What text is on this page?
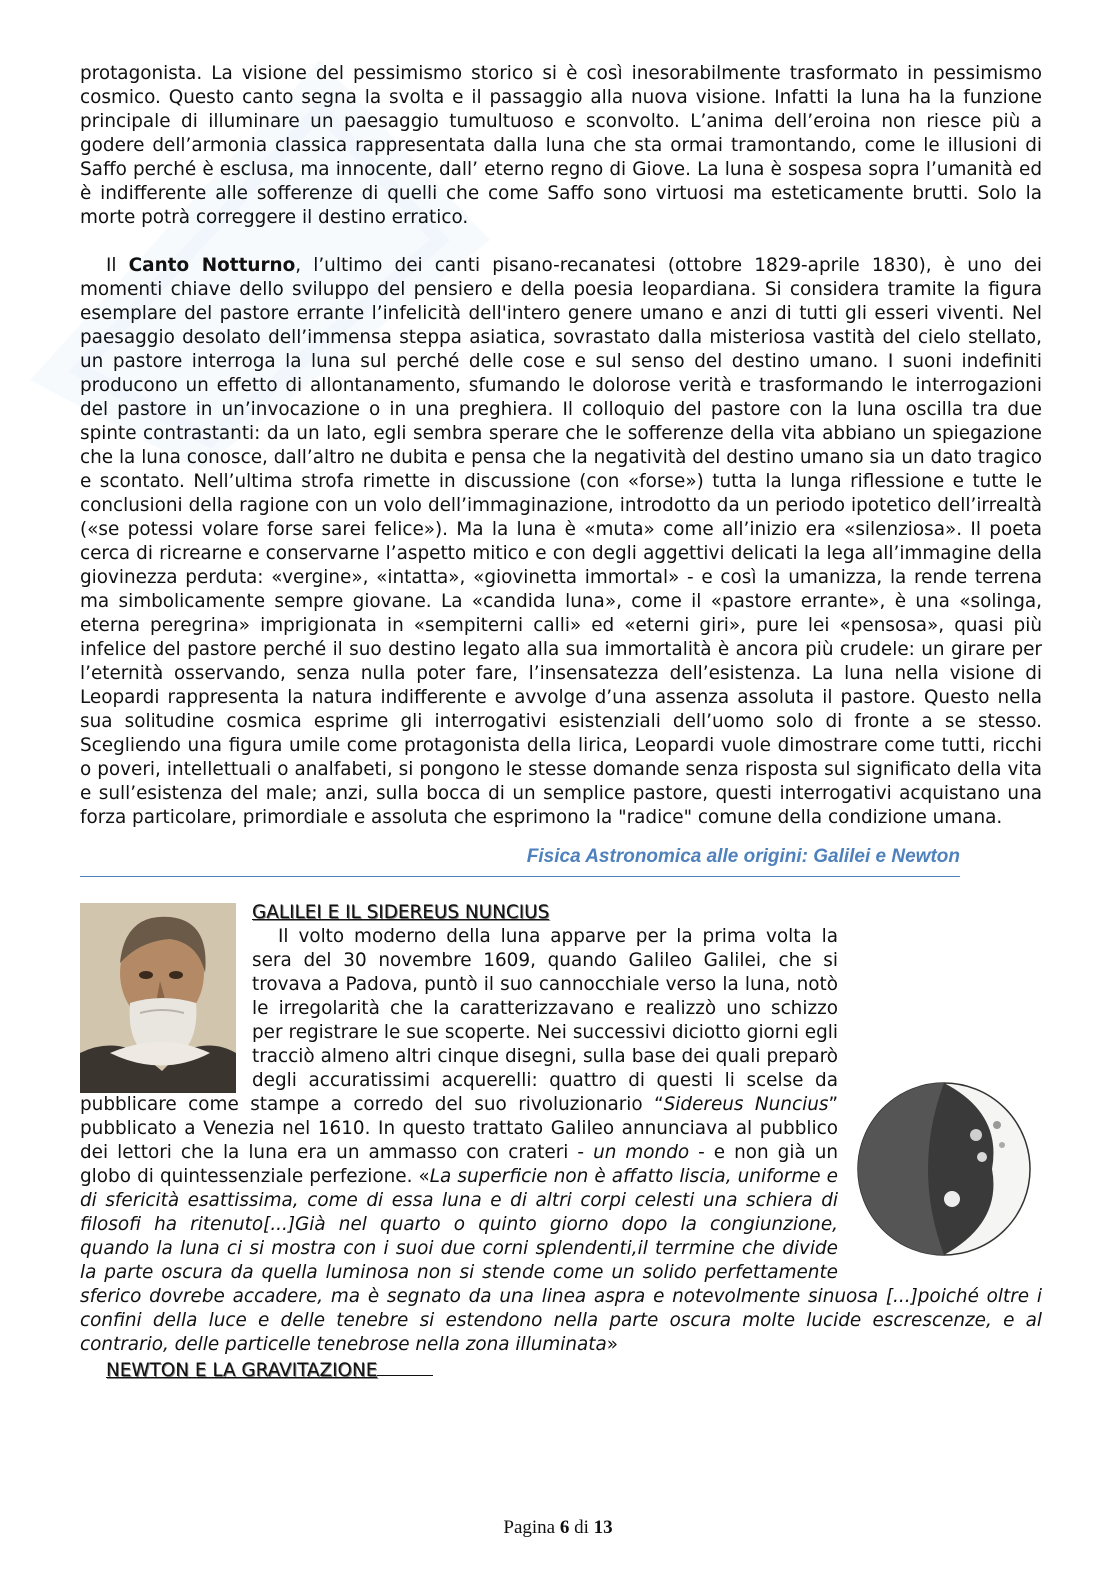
protagonista. La visione del pessimismo storico si è così inesorabilmente trasformato in pessimismo cosmico. Questo canto segna la svolta e il passaggio alla nuova visione. Infatti la luna ha la funzione principale di illuminare un paesaggio tumultuoso e sconvolto. L’anima dell’eroina non riesce più a godere dell’armonia classica rappresentata dalla luna che sta ormai tramontando, come le illusioni di Saffo perché è esclusa, ma innocente, dall’ eterno regno di Giove. La luna è sospesa sopra l’umanità ed è indifferente alle sofferenze di quelli che come Saffo sono virtuosi ma esteticamente brutti. Solo la morte potrà correggere il destino erratico.

Il Canto Notturno, l’ultimo dei canti pisano-recanatesi (ottobre 1829-aprile 1830), è uno dei momenti chiave dello sviluppo del pensiero e della poesia leopardiana. Si considera tramite la figura esemplare del pastore errante l’infelicità dell'intero genere umano e anzi di tutti gli esseri viventi. Nel paesaggio desolato dell’immensa steppa asiatica, sovrastato dalla misteriosa vastità del cielo stellato, un pastore interroga la luna sul perché delle cose e sul senso del destino umano. I suoni indefiniti producono un effetto di allontanamento, sfumando le dolorose verità e trasformando le interrogazioni del pastore in un’invocazione o in una preghiera. Il colloquio del pastore con la luna oscilla tra due spinte contrastanti: da un lato, egli sembra sperare che le sofferenze della vita abbiano un spiegazione che la luna conosce, dall’altro ne dubita e pensa che la negatività del destino umano sia un dato tragico e scontato. Nell’ultima strofa rimette in discussione (con «forse») tutta la lunga riflessione e tutte le conclusioni della ragione con un volo dell’immaginazione, introdotto da un periodo ipotetico dell’irrealtà («se potessi volare forse sarei felice»). Ma la luna è «muta» come all’inizio era «silenziosa». Il poeta cerca di ricrearne e conservarne l’aspetto mitico e con degli aggettivi delicati la lega all’immagine della giovinezza perduta: «vergine», «intatta», «giovinetta immortal» - e così la umanizza, la rende terrena ma simbolicamente sempre giovane. La «candida luna», come il «pastore errante», è una «solinga, eterna peregrina» imprigionata in «sempiterni calli» ed «eterni giri», pure lei «pensosa», quasi più infelice del pastore perché il suo destino legato alla sua immortalità è ancora più crudele: un girare per l’eternità osservando, senza nulla poter fare, l’insensatezza dell’esistenza. La luna nella visione di Leopardi rappresenta la natura indifferente e avvolge d’una assenza assoluta il pastore. Questo nella sua solitudine cosmica esprime gli interrogativi esistenziali dell’uomo solo di fronte a se stesso. Scegliendo una figura umile come protagonista della lirica, Leopardi vuole dimostrare come tutti, ricchi o poveri, intellettuali o analfabeti, si pongono le stesse domande senza risposta sul significato della vita e sull’esistenza del male; anzi, sulla bocca di un semplice pastore, questi interrogativi acquistano una forza particolare, primordiale e assoluta che esprimono la "radice" comune della condizione umana.

Fisica Astronomica alle origini: Galilei e Newton

GALILEI E IL SIDEREUS NUNCIUS

Il volto moderno della luna apparve per la prima volta la sera del 30 novembre 1609, quando Galileo Galilei, che si trovava a Padova, puntò il suo cannocchiale verso la luna, notò le irregolarità che la caratterizzavano e realizzò uno schizzo per registrare le sue scoperte. Nei successivi diciotto giorni egli tracciò almeno altri cinque disegni, sulla base dei quali preparò degli accuratissimi acquerelli: quattro di questi li scelse da pubblicare come stampe a corredo del suo rivoluzionario “Sidereus Nuncius” pubblicato a Venezia nel 1610. In questo trattato Galileo annunciava al pubblico dei lettori che la luna era un ammasso con crateri - un mondo - e non già un globo di quintessenziale perfezione. «La superficie non è affatto liscia, uniforme e di sfericità esattissima, come di essa luna e di altri corpi celesti una schiera di filosofi ha ritenuto[...]Già nel quarto o quinto giorno dopo la congiunzione, quando la luna ci si mostra con i suoi due corni splendenti,il terrmine che divide la parte oscura da quella luminosa non si stende come un solido perfettamente sferico dovrebe accadere, ma è segnato da una linea aspra e notevolmente sinuosa [...]poiché oltre i confini della luce e delle tenebre si estendono nella parte oscura molte lucide escrescenze, e al contrario, delle particelle tenebrose nella zona illuminata»

NEWTON E LA GRAVITAZIONE

Pagina 6 di 13
